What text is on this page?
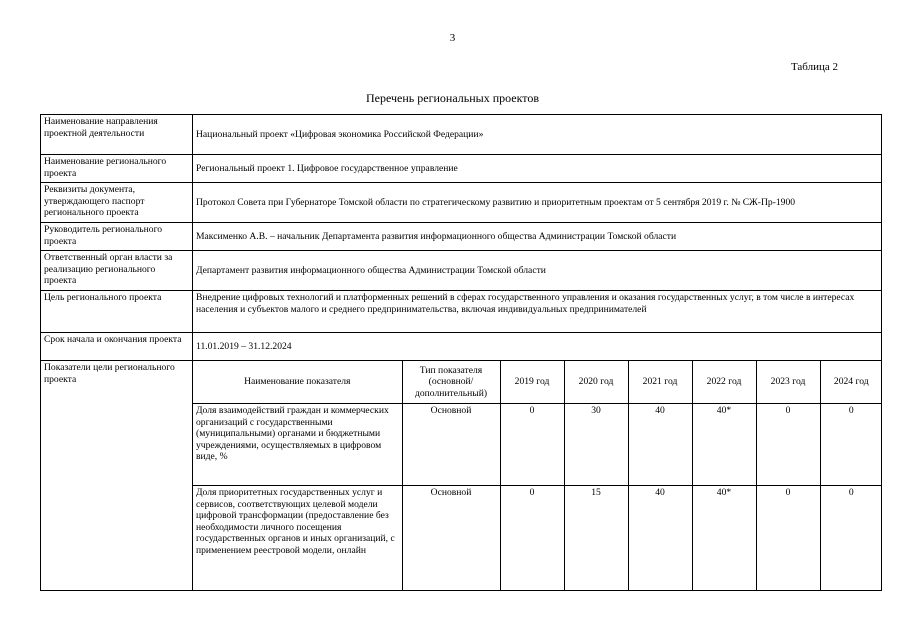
3
Таблица 2
Перечень региональных проектов
Наименование направления проектной деятельности	Национальный проект «Цифровая экономика Российской Федерации»
Наименование регионального проекта	Региональный проект 1. Цифровое государственное управление
Реквизиты документа, утверждающего паспорт регионального проекта	Протокол Совета при Губернаторе Томской области по стратегическому развитию и приоритетным проектам от 5 сентября 2019 г. № СЖ-Пр-1900
Руководитель регионального проекта	Максименко А.В. – начальник Департамента развития информационного общества Администрации Томской области
Ответственный орган власти за реализацию регионального проекта	Департамент развития информационного общества Администрации Томской области
Цель регионального проекта	Внедрение цифровых технологий и платформенных решений в сферах государственного управления и оказания государственных услуг, в том числе в интересах населения и субъектов малого и среднего предпринимательства, включая индивидуальных предпринимателей
Срок начала и окончания проекта	11.01.2019 – 31.12.2024
Показатели цели регионального проекта		Наименование показателя	Тип показателя (основной/ дополнительный)	2019 год	2020 год	2021 год	2022 год	2023 год	2024 год
Доля взаимодействий граждан и коммерческих организаций с государственными (муниципальными) органами и бюджетными учреждениями, осуществляемых в цифровом виде, %	Основной	0	30	40	40*	0	0
Доля приоритетных государственных услуг и сервисов, соответствующих целевой модели цифровой трансформации (предоставление без необходимости личного посещения государственных органов и иных организаций, с применением реестровой модели, онлайн	Основной	0	15	40	40*	0	0
